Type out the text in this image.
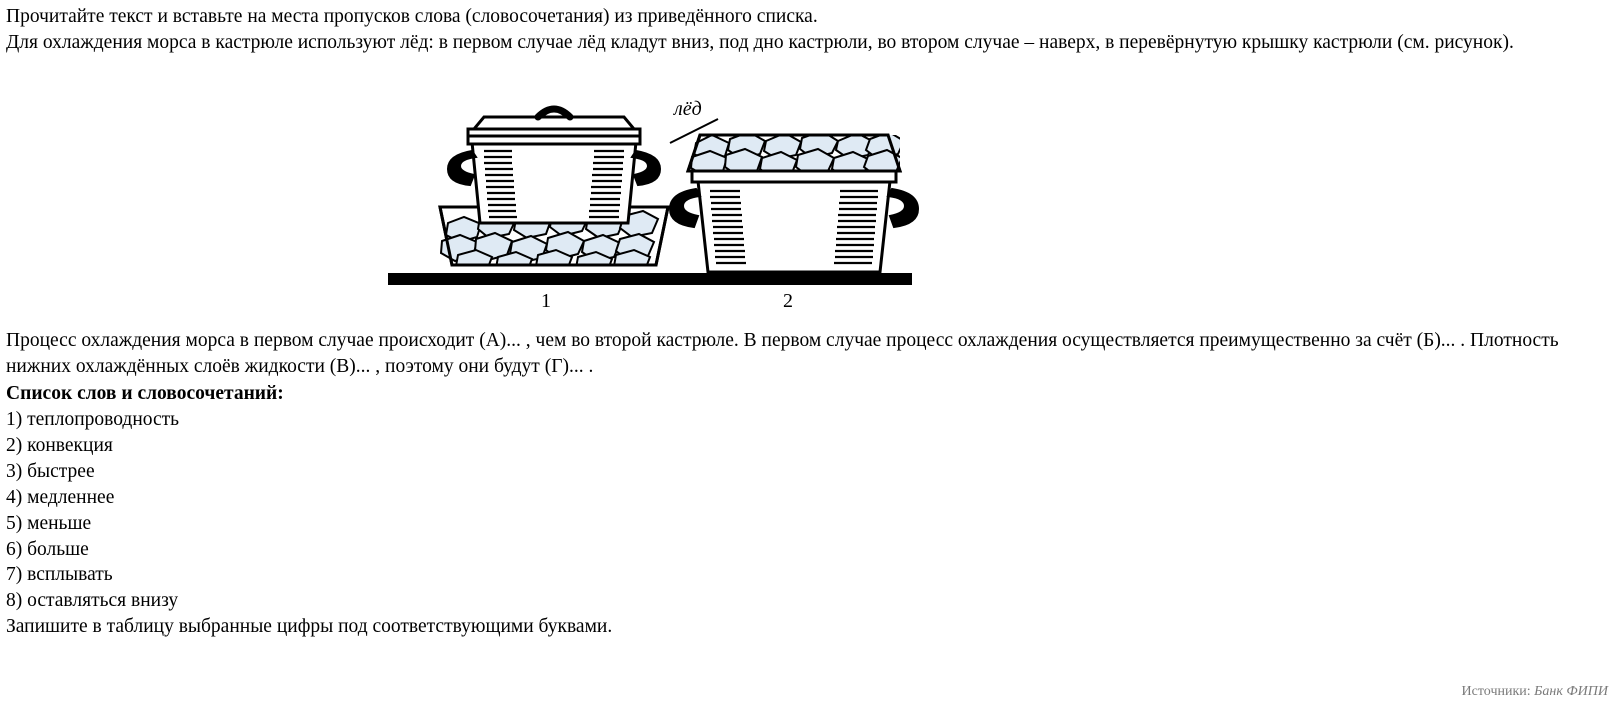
Прочитайте текст и вставьте на места пропусков слова (словосочетания) из приведённого списка.

Для охлаждения морса в кастрюле используют лёд: в первом случае лёд кладут вниз, под дно кастрюли, во втором случае – наверх, в перевёрнутую крышку кастрюли (см. рисунок).

лёд
1	2

Процесс охлаждения морса в первом случае происходит (А)... , чем во второй кастрюле. В первом случае процесс охлаждения осуществляется преимущественно за счёт (Б)... . Плотность нижних охлаждённых слоёв жидкости (В)... , поэтому они будут (Г)... .

Список слов и словосочетаний:

1) теплопроводность
2) конвекция
3) быстрее
4) медленнее
5) меньше
6) больше
7) всплывать
8) оставляться внизу

Запишите в таблицу выбранные цифры под соответствующими буквами.

Источники: Банк ФИПИ
